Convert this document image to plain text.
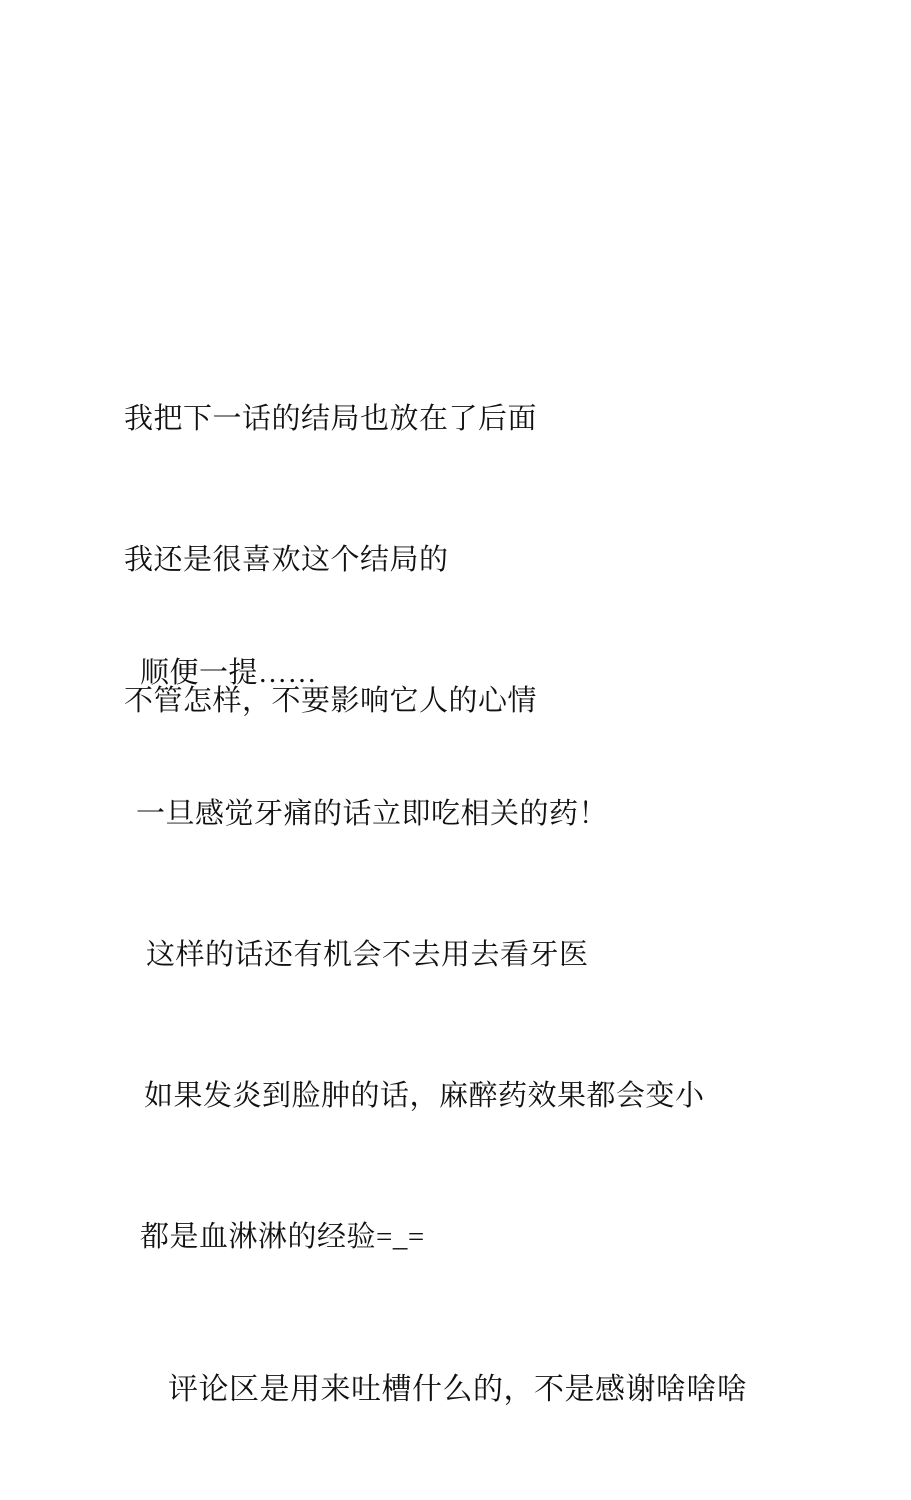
我把下一话的结局也放在了后面

我还是很喜欢这个结局的

不管怎样，不要影响它人的心情

顺便一提……

一旦感觉牙痛的话立即吃相关的药！

这样的话还有机会不去用去看牙医

如果发炎到脸肿的话，麻醉药效果都会变小

都是血淋淋的经验=_=

评论区是用来吐槽什么的，不是感谢啥啥啥
